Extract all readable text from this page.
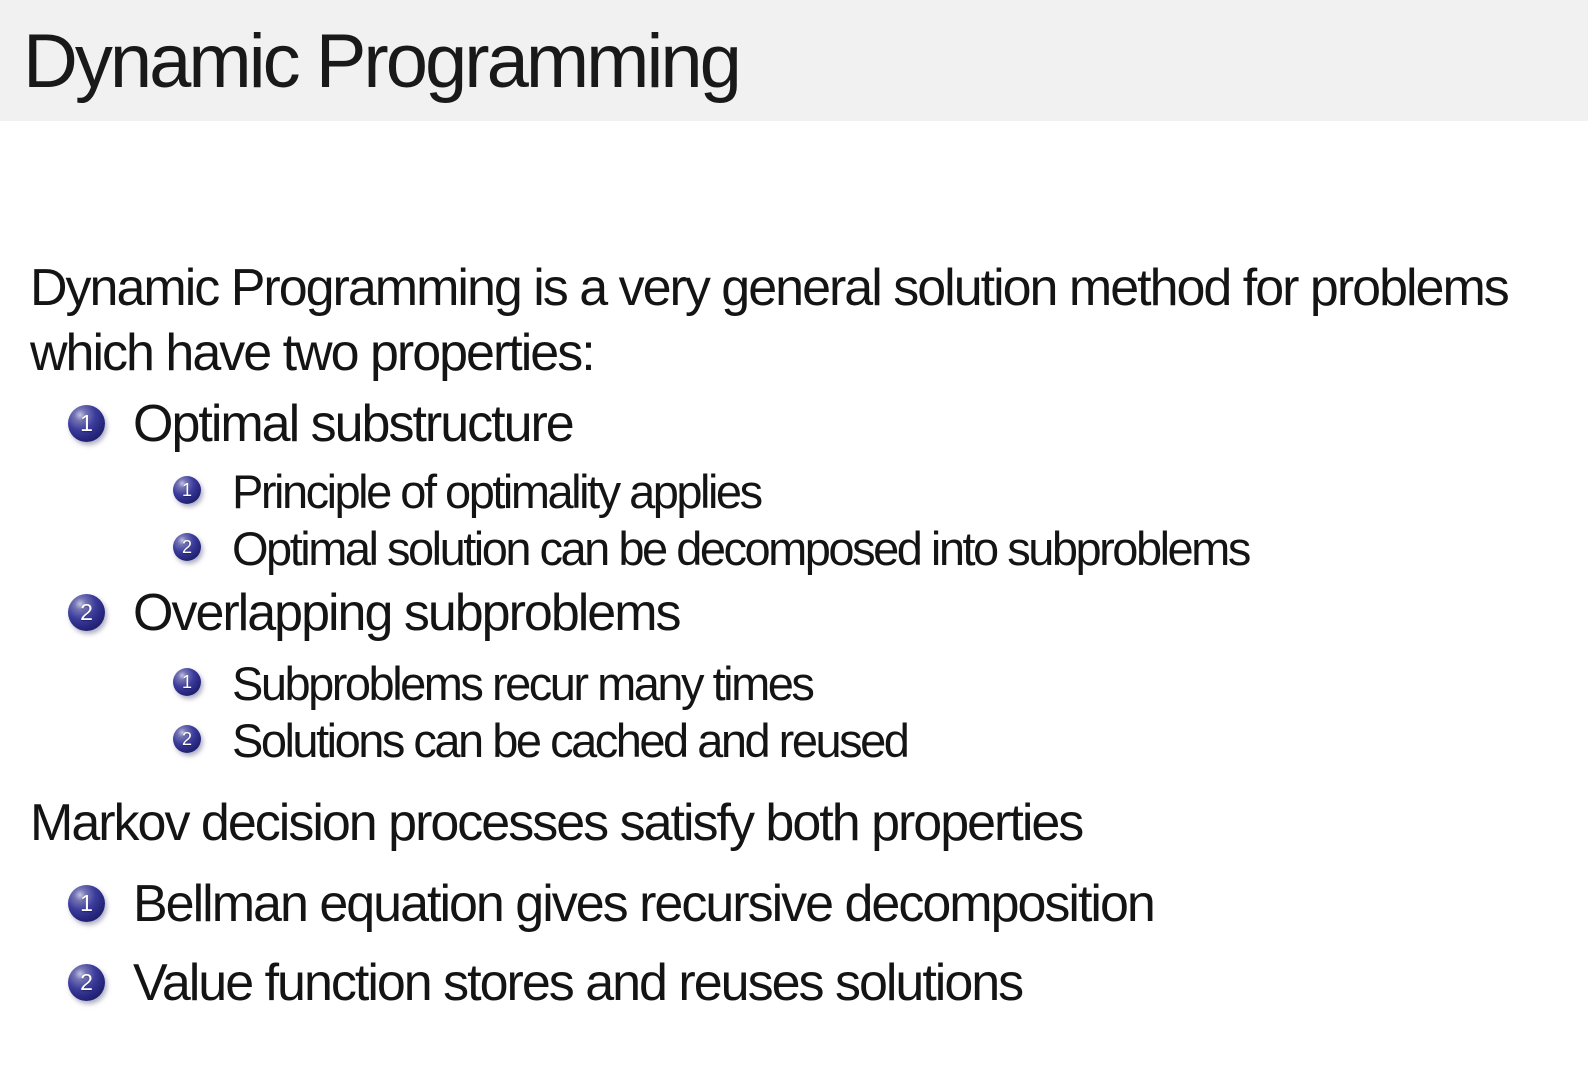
Dynamic Programming
Dynamic Programming is a very general solution method for problems
which have two properties:
1 Optimal substructure
1 Principle of optimality applies
2 Optimal solution can be decomposed into subproblems
2 Overlapping subproblems
1 Subproblems recur many times
2 Solutions can be cached and reused
Markov decision processes satisfy both properties
1 Bellman equation gives recursive decomposition
2 Value function stores and reuses solutions
